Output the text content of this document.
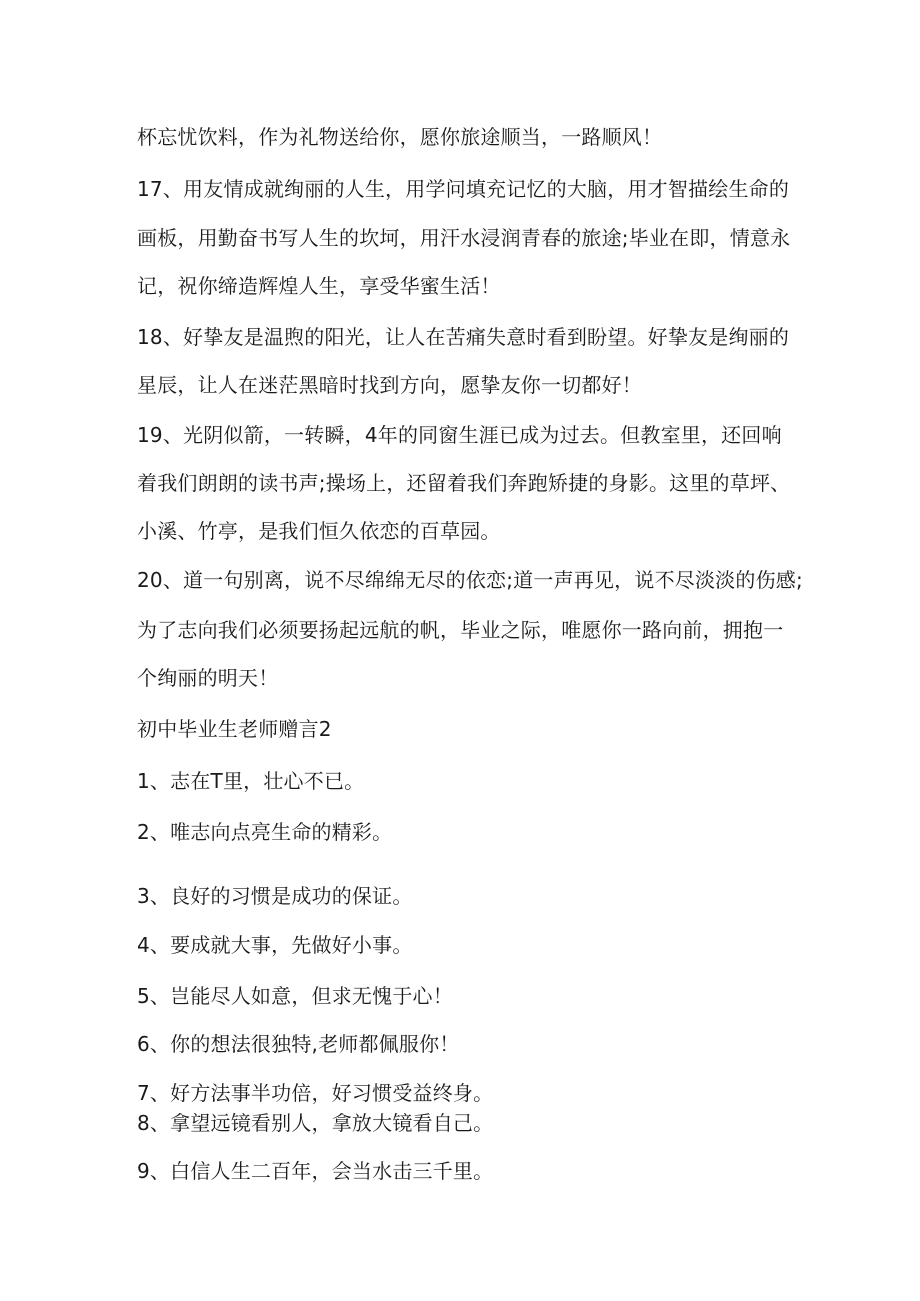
杯忘忧饮料，作为礼物送给你，愿你旅途顺当，一路顺风！
17、用友情成就绚丽的人生，用学问填充记忆的大脑，用才智描绘生命的
画板，用勤奋书写人生的坎坷，用汗水浸润青春的旅途;毕业在即，情意永
记，祝你缔造辉煌人生，享受华蜜生活！
18、好挚友是温煦的阳光，让人在苦痛失意时看到盼望。好挚友是绚丽的
星辰，让人在迷茫黑暗时找到方向，愿挚友你一切都好！
19、光阴似箭，一转瞬，4年的同窗生涯已成为过去。但教室里，还回响
着我们朗朗的读书声;操场上，还留着我们奔跑矫捷的身影。这里的草坪、
小溪、竹亭，是我们恒久依恋的百草园。
20、道一句别离，说不尽绵绵无尽的依恋;道一声再见，说不尽淡淡的伤感;
为了志向我们必须要扬起远航的帆，毕业之际，唯愿你一路向前，拥抱一
个绚丽的明天！
初中毕业生老师赠言2
1、志在T里，壮心不已。
2、唯志向点亮生命的精彩。
3、良好的习惯是成功的保证。
4、要成就大事，先做好小事。
5、岂能尽人如意，但求无愧于心！
6、你的想法很独特,老师都佩服你！
7、好方法事半功倍，好习惯受益终身。
8、拿望远镜看别人，拿放大镜看自己。
9、白信人生二百年，会当水击三千里。
